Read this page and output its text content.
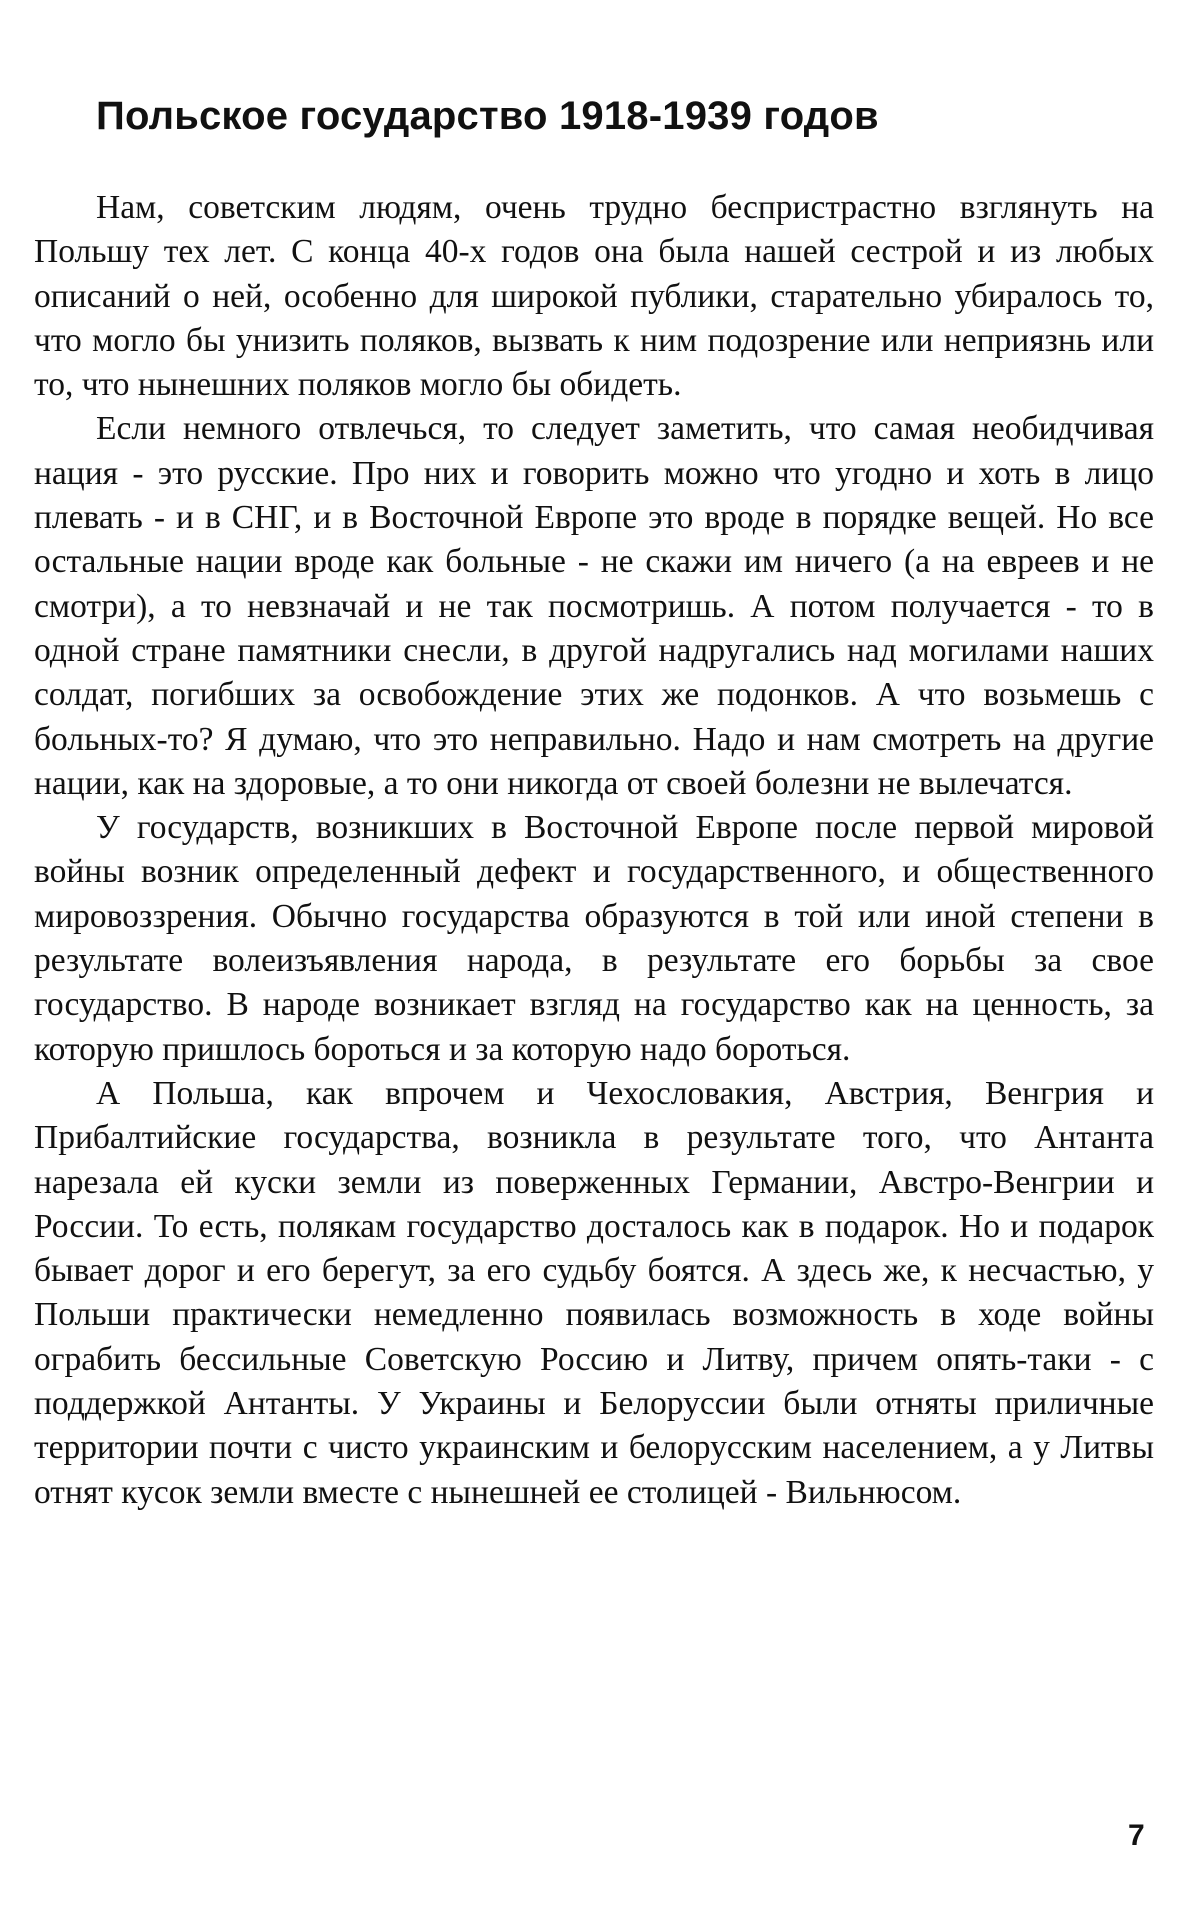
Польское государство 1918-1939 годов

Нам, советским людям, очень трудно беспристрастно взглянуть на Польшу тех лет. С конца 40-х годов она была нашей сестрой и из любых описаний о ней, особенно для широкой публики, старательно убиралось то, что могло бы унизить поляков, вызвать к ним подозрение или неприязнь или то, что нынешних поляков могло бы обидеть.

Если немного отвлечься, то следует заметить, что самая необидчивая нация - это русские. Про них и говорить можно что угодно и хоть в лицо плевать - и в СНГ, и в Восточной Европе это вроде в порядке вещей. Но все остальные нации вроде как больные - не скажи им ничего (а на евреев и не смотри), а то невзначай и не так посмотришь. А потом получается - то в одной стране памятники снесли, в другой надругались над могилами наших солдат, погибших за освобождение этих же подонков. А что возьмешь с больных-то? Я думаю, что это неправильно. Надо и нам смотреть на другие нации, как на здоровые, а то они никогда от своей болезни не вылечатся.

У государств, возникших в Восточной Европе после первой мировой войны возник определенный дефект и государственного, и общественного мировоззрения. Обычно государства образуются в той или иной степени в результате волеизъявления народа, в результате его борьбы за свое государство. В народе возникает взгляд на государство как на ценность, за которую пришлось бороться и за которую надо бороться.

А Польша, как впрочем и Чехословакия, Австрия, Венгрия и Прибалтийские государства, возникла в результате того, что Антанта нарезала ей куски земли из поверженных Германии, Австро-Венгрии и России. То есть, полякам государство досталось как в подарок. Но и подарок бывает дорог и его берегут, за его судьбу боятся. А здесь же, к несчастью, у Польши практически немедленно появилась возможность в ходе войны ограбить бессильные Советскую Россию и Литву, причем опять-таки - с поддержкой Антанты. У Украины и Белоруссии были отняты приличные территории почти с чисто украинским и белорусским населением, а у Литвы отнят кусок земли вместе с нынешней ее столицей - Вильнюсом.

7
